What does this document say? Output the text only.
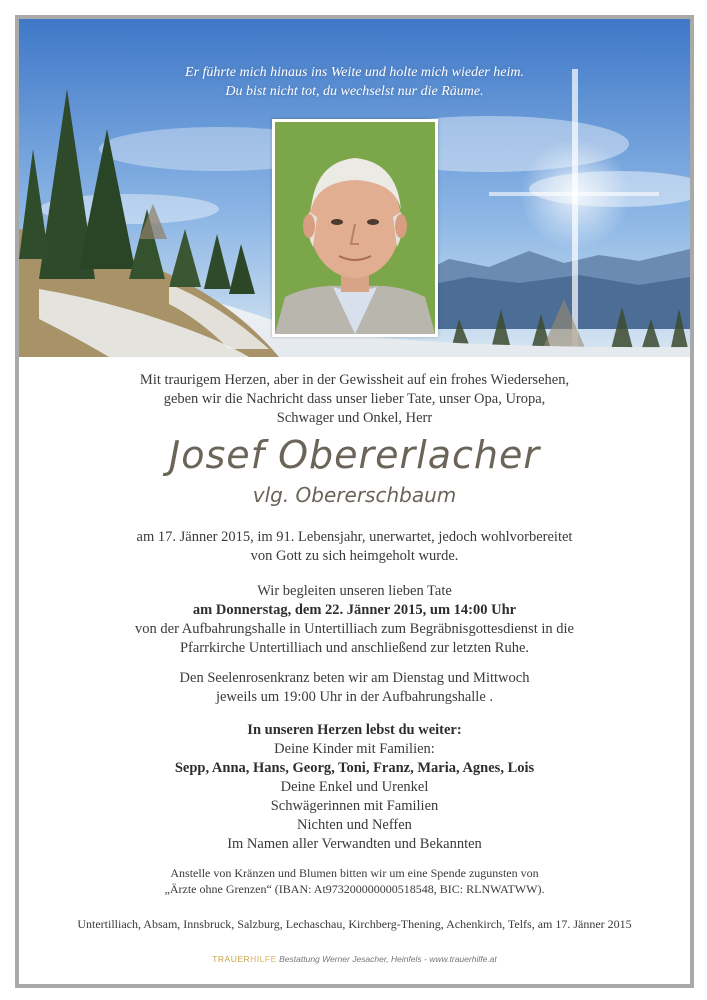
Er führte mich hinaus ins Weite und holte mich wieder heim.
Du bist nicht tot, du wechselst nur die Räume.
Mit traurigem Herzen, aber in der Gewissheit auf ein frohes Wiedersehen,
geben wir die Nachricht dass unser lieber Tate, unser Opa, Uropa,
Schwager und Onkel, Herr
Josef Obererlacher
vlg. Obererschbaum
am 17. Jänner 2015, im 91. Lebensjahr, unerwartet, jedoch wohlvorbereitet
von Gott zu sich heimgeholt wurde.
Wir begleiten unseren lieben Tate
am Donnerstag, dem 22. Jänner 2015, um 14:00 Uhr
von der Aufbahrungshalle in Untertilliach zum Begräbnisgottesdienst in die
Pfarrkirche Untertilliach und anschließend zur letzten Ruhe.
Den Seelenrosenkranz beten wir am Dienstag und Mittwoch
jeweils um 19:00 Uhr in der Aufbahrungshalle .
In unseren Herzen lebst du weiter:
Deine Kinder mit Familien:
Sepp, Anna, Hans, Georg, Toni, Franz, Maria, Agnes, Lois
Deine Enkel und Urenkel
Schwägerinnen mit Familien
Nichten und Neffen
Im Namen aller Verwandten und Bekannten
Anstelle von Kränzen und Blumen bitten wir um eine Spende zugunsten von
„Ärzte ohne Grenzen“ (IBAN: At973200000000518548, BIC: RLNWATWW).
Untertilliach, Absam, Innsbruck, Salzburg, Lechaschau, Kirchberg-Thening, Achenkirch, Telfs, am 17. Jänner 2015
TRAUERHILFE Bestattung Werner Jesacher, Heinfels - www.trauerhilfe.at
